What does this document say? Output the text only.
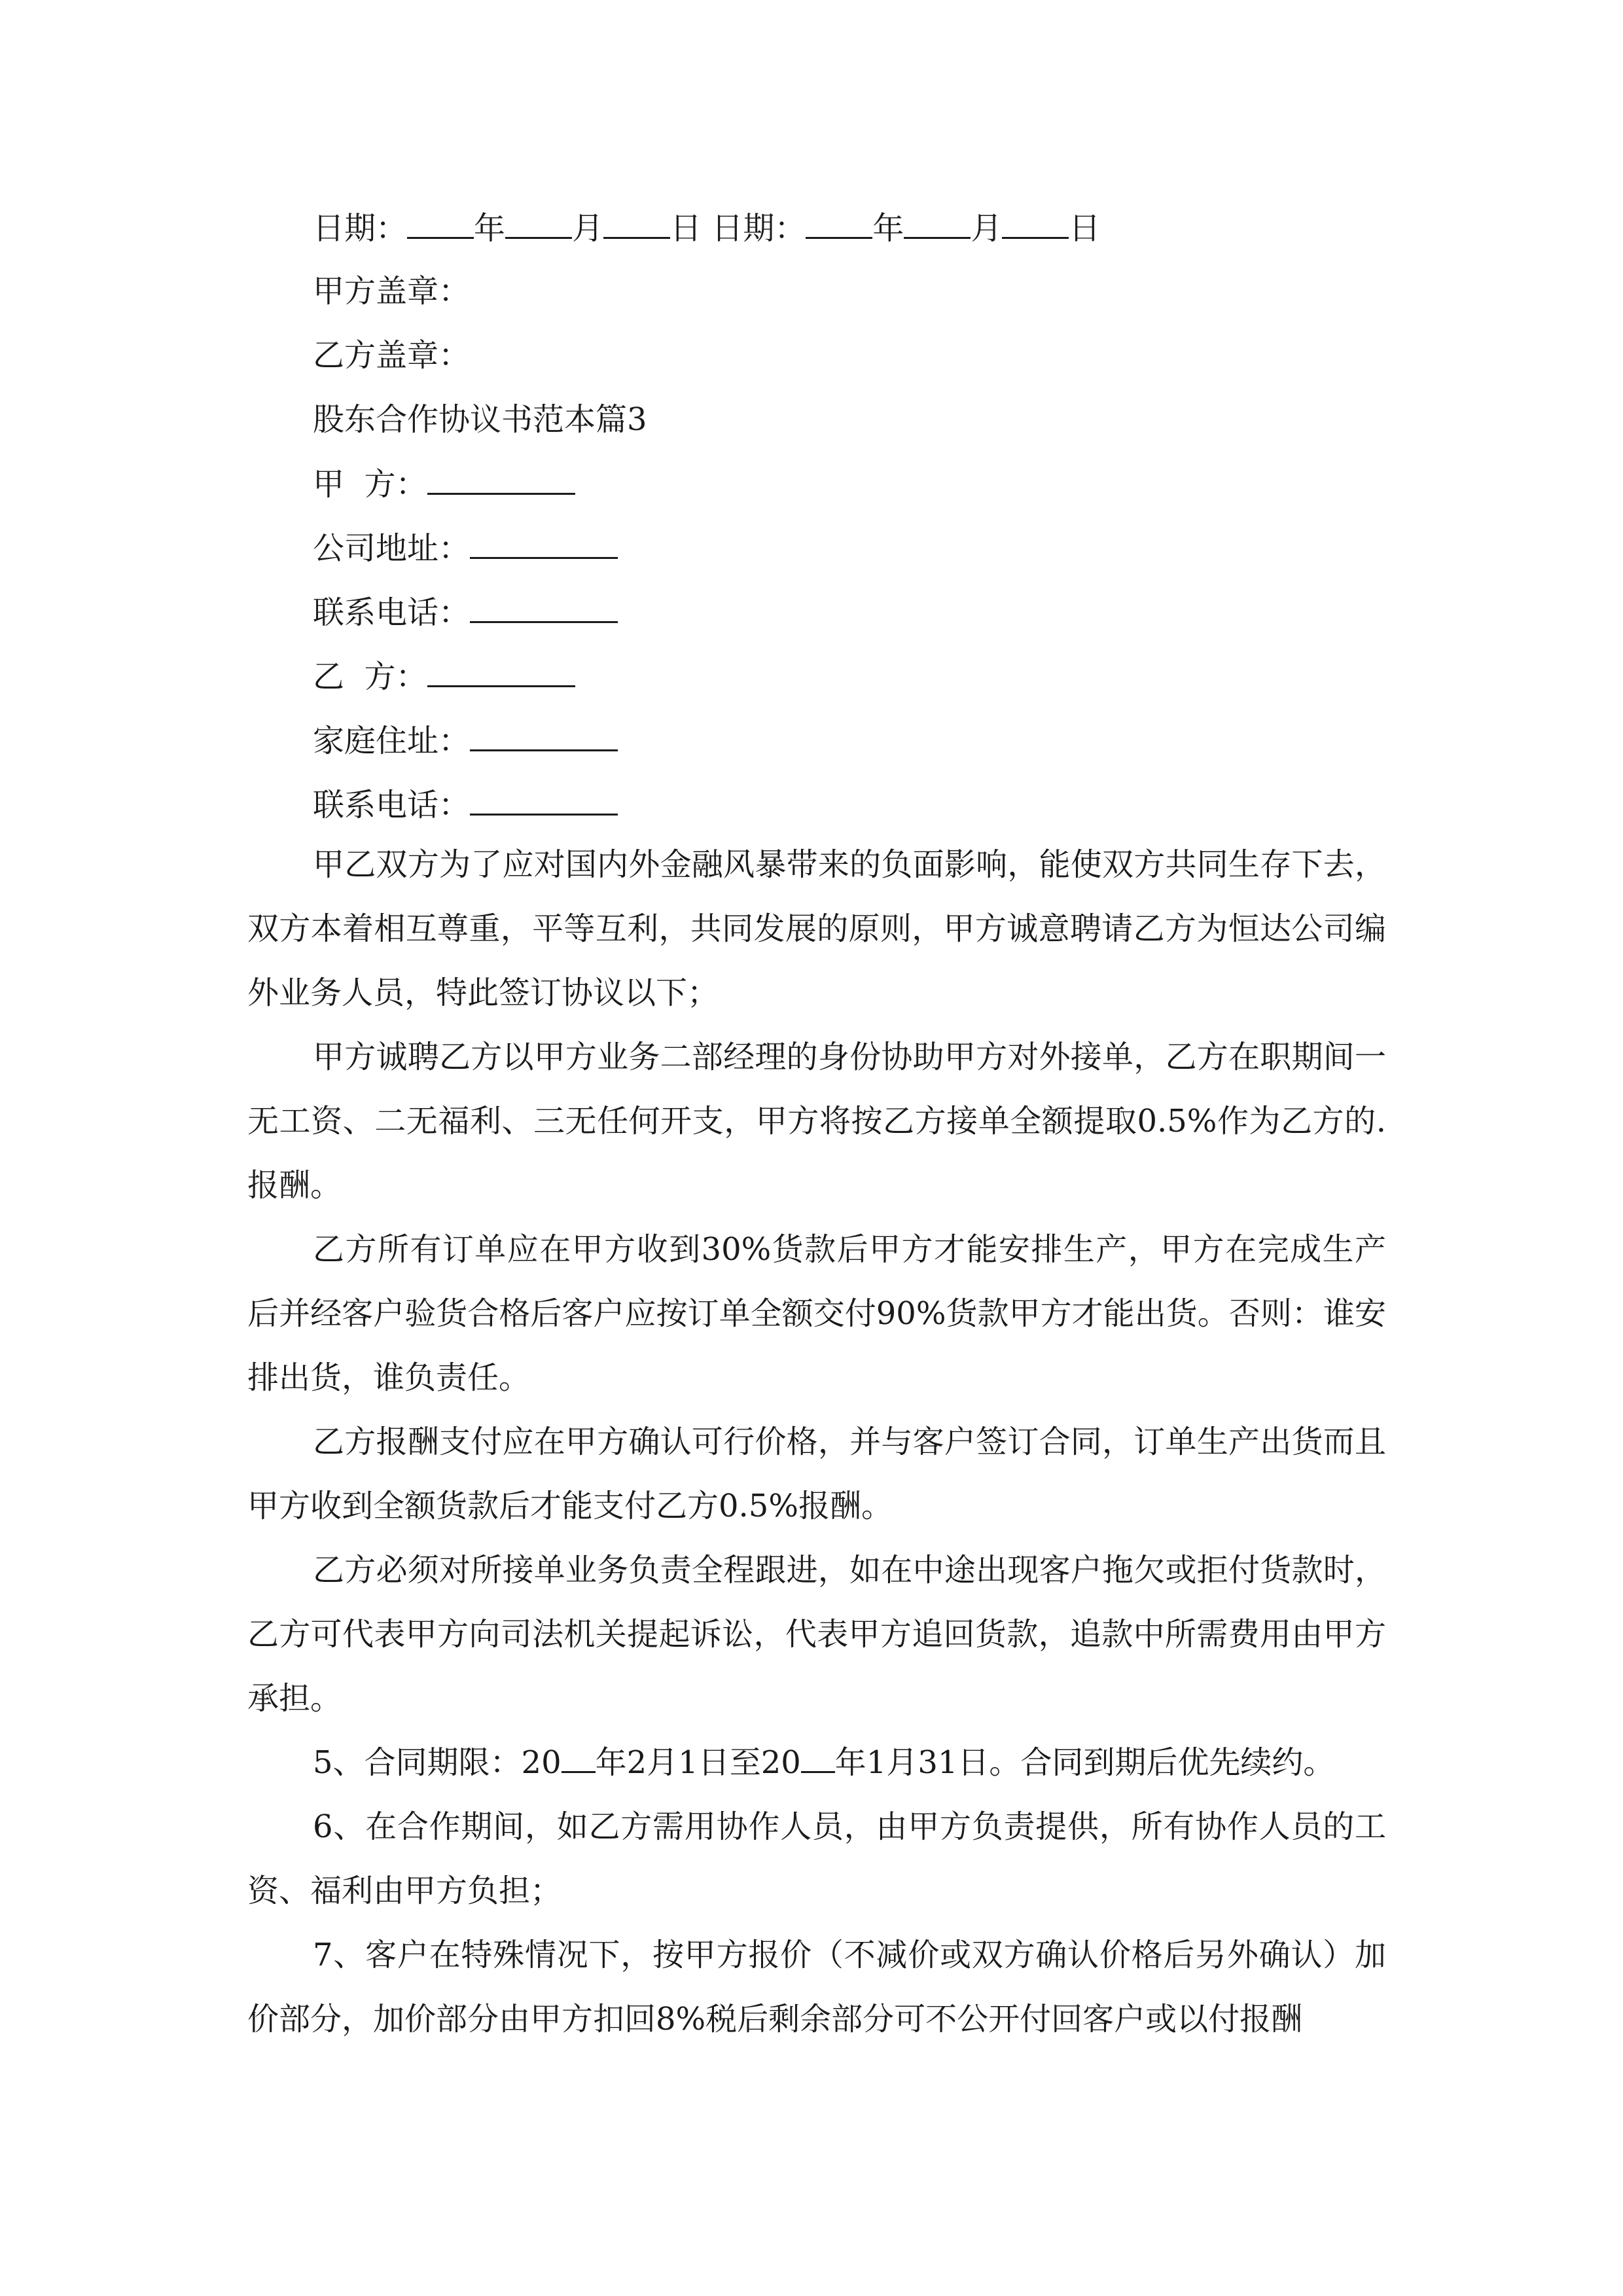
日期： 年 月 日 日期： 年 月 日
甲方盖章：
乙方盖章：
股东合作协议书范本篇3
甲  方：
公司地址：
联系电话：
乙  方：
家庭住址：
联系电话：
甲乙双方为了应对国内外金融风暴带来的负面影响，能使双方共同生存下去，双方本着相互尊重，平等互利，共同发展的原则，甲方诚意聘请乙方为恒达公司编外业务人员，特此签订协议以下；
甲方诚聘乙方以甲方业务二部经理的身份协助甲方对外接单，乙方在职期间一无工资、二无福利、三无任何开支，甲方将按乙方接单全额提取0.5%作为乙方的.报酬。
乙方所有订单应在甲方收到30%货款后甲方才能安排生产，甲方在完成生产后并经客户验货合格后客户应按订单全额交付90%货款甲方才能出货。否则：谁安排出货，谁负责任。
乙方报酬支付应在甲方确认可行价格，并与客户签订合同，订单生产出货而且甲方收到全额货款后才能支付乙方0.5%报酬。
乙方必须对所接单业务负责全程跟进，如在中途出现客户拖欠或拒付货款时，乙方可代表甲方向司法机关提起诉讼，代表甲方追回货款，追款中所需费用由甲方承担。
5、合同期限：20 年2月1日至20 年1月31日。合同到期后优先续约。
6、在合作期间，如乙方需用协作人员，由甲方负责提供，所有协作人员的工资、福利由甲方负担；
7、客户在特殊情况下，按甲方报价（不减价或双方确认价格后另外确认）加价部分，加价部分由甲方扣回8%税后剩余部分可不公开付回客户或以付报酬
